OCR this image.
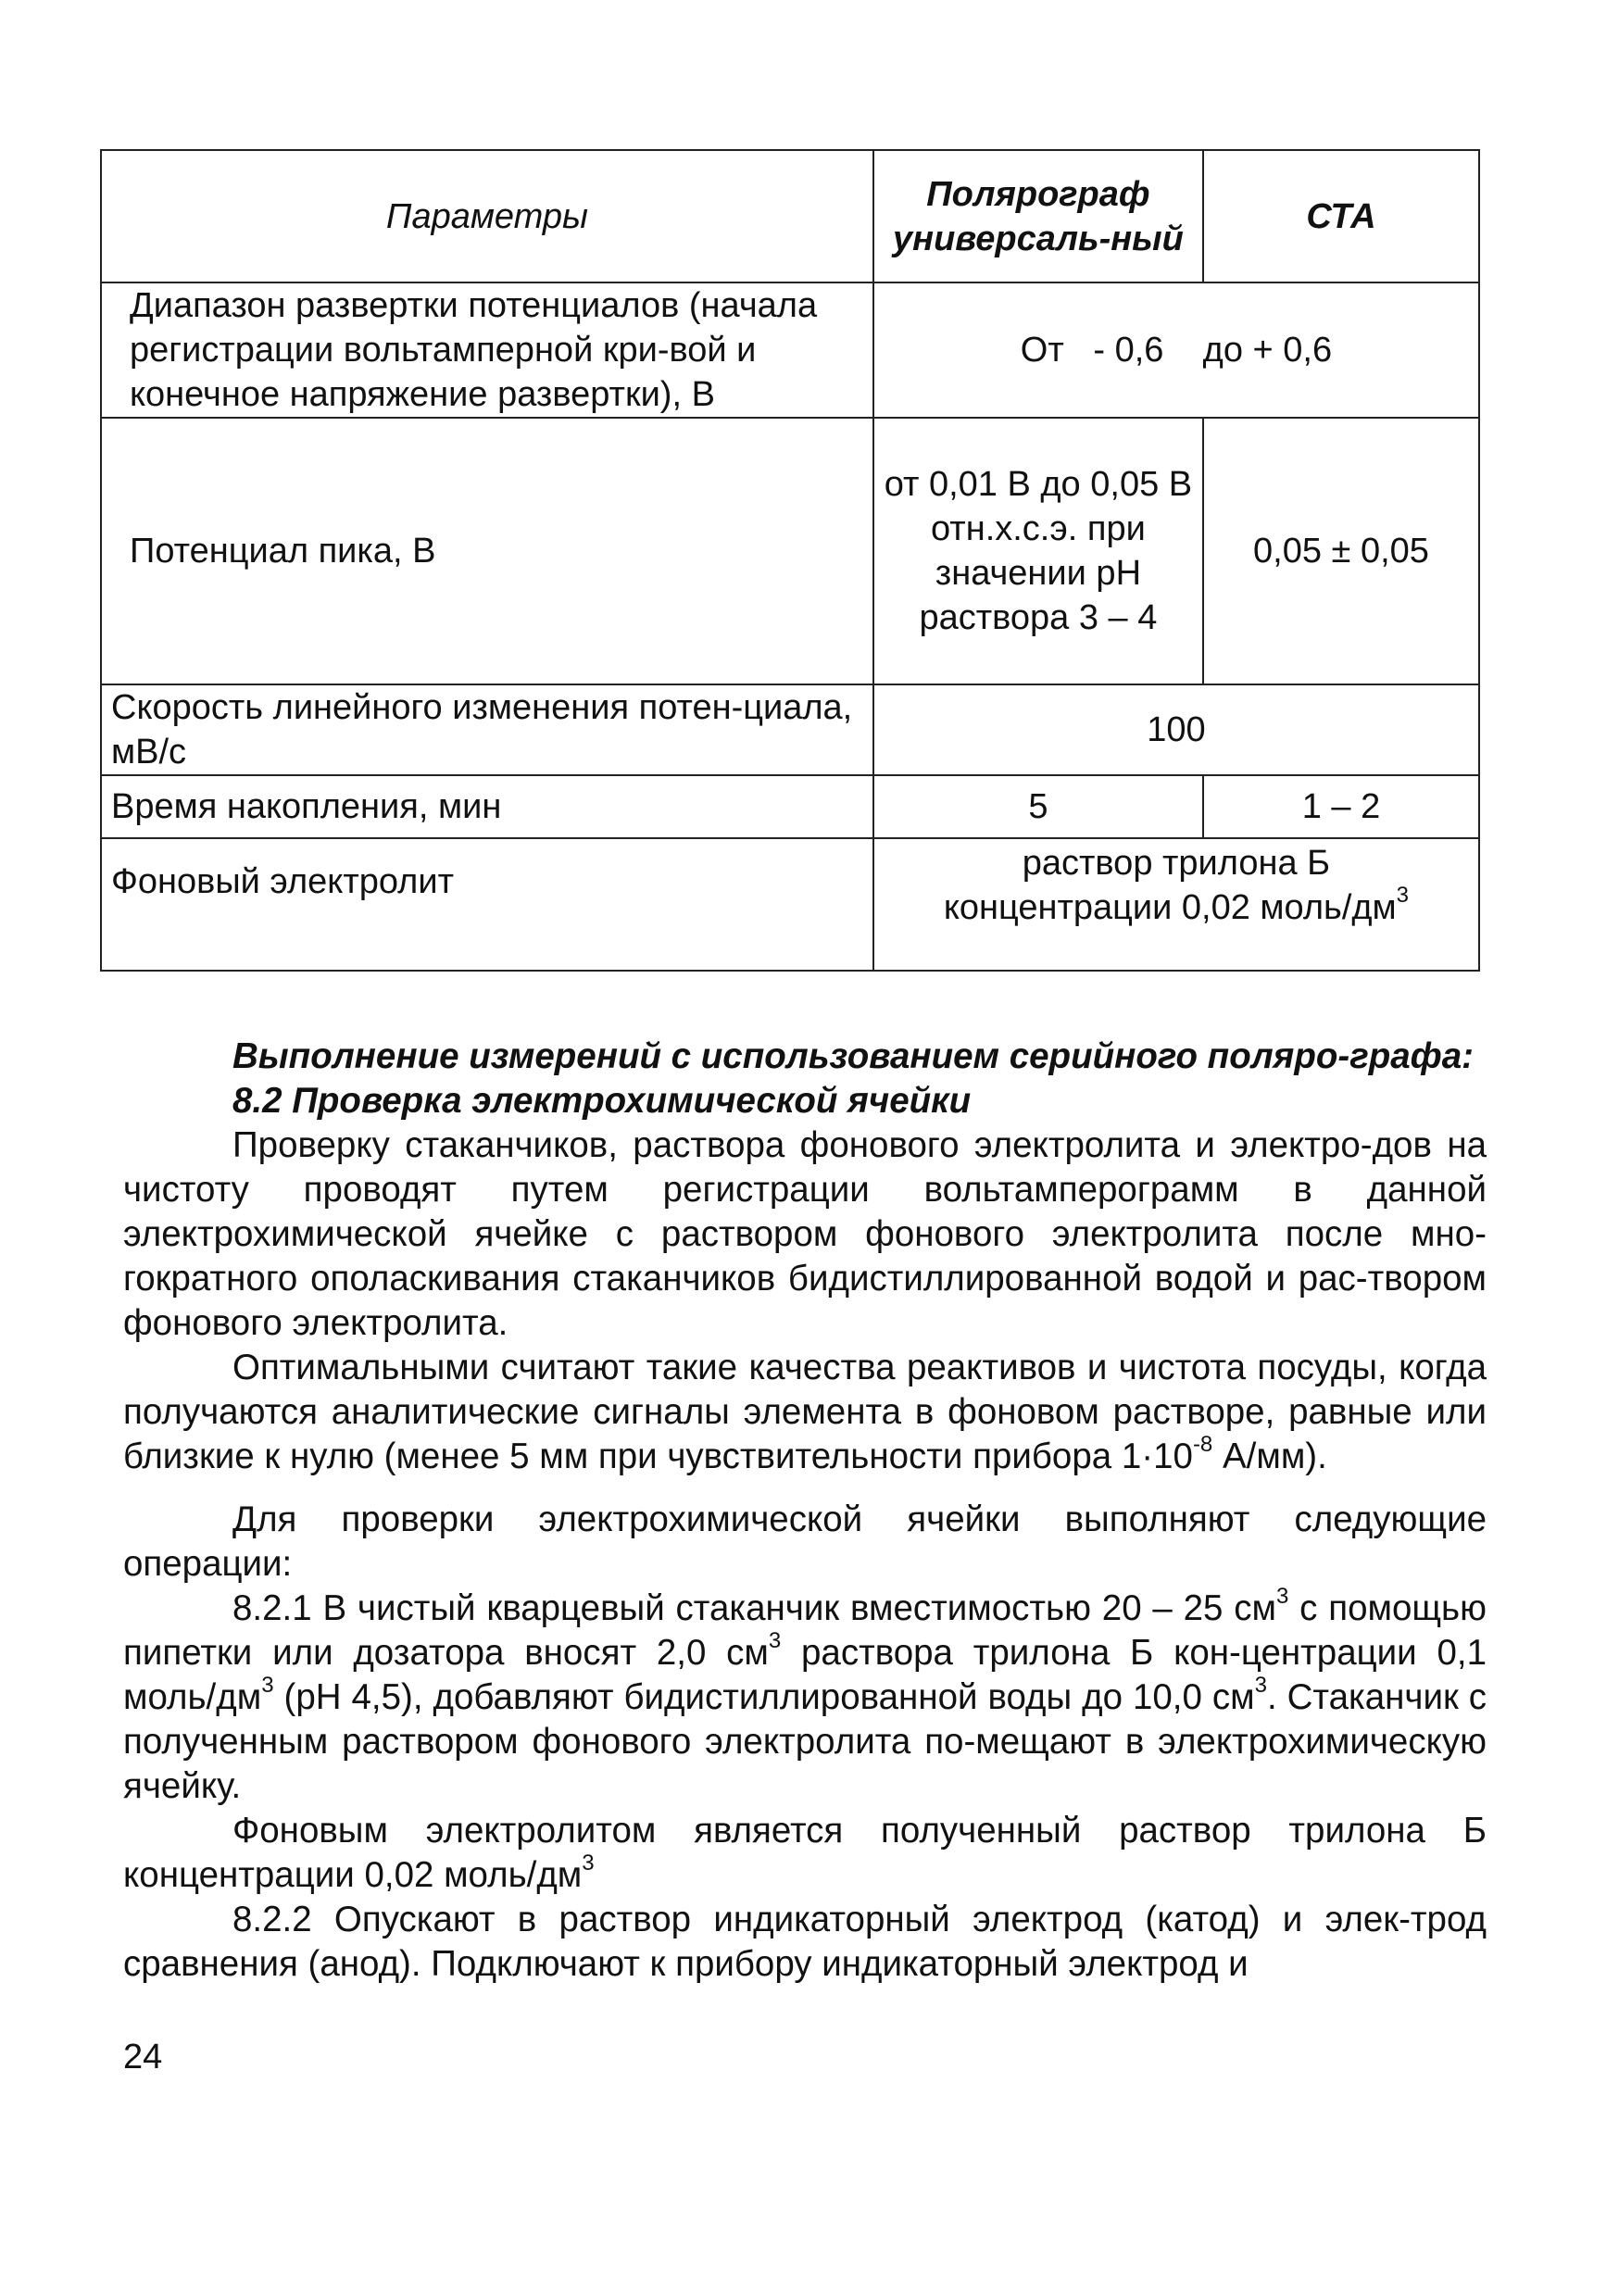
Параметры	Полярограф универсаль-ный	СТА
Диапазон развертки потенциалов (начала регистрации вольтамперной кри-вой и конечное напряжение развертки), В	От   - 0,6    до + 0,6	
Потенциал пика, В	от 0,01 В до 0,05 В отн.х.с.э. при значении рН раствора 3 – 4	0,05 ± 0,05
Скорость линейного изменения потен-циала, мВ/с	100	
Время накопления, мин	5	1 – 2
Фоновый электролит	раствор трилона Б
концентрации 0,02 моль/$дм^3$

Выполнение измерений с использованием серийного поляро-графа:

8.2 Проверка электрохимической ячейки

Проверку стаканчиков, раствора фонового электролита и электро-дов на чистоту проводят путем регистрации вольтамперограмм в данной электрохимической ячейке с раствором фонового электролита после мно-гократного ополаскивания стаканчиков бидистиллированной водой и рас-твором фонового электролита.

Оптимальными считают такие качества реактивов и чистота посуды, когда получаются аналитические сигналы элемента в фоновом растворе, равные или близкие к нулю (менее 5 мм при чувствительности прибора $1\cdot 10^{-8}$ А/мм).

Для проверки электрохимической ячейки выполняют следующие операции:

8.2.1 В чистый кварцевый стаканчик вместимостью 20 – 25 $см^3$ с помощью пипетки или дозатора вносят 2,0 $см^3$ раствора трилона Б кон-центрации 0,1 моль/$дм^3$ (рН 4,5), добавляют бидистиллированной воды до 10,0 $см^3$. Стаканчик с полученным раствором фонового электролита по-мещают в электрохимическую ячейку.

Фоновым электролитом является полученный раствор трилона Б концентрации 0,02 моль/$дм^3$

8.2.2 Опускают в раствор индикаторный электрод (катод) и элек-трод сравнения (анод). Подключают к прибору индикаторный электрод и

24
